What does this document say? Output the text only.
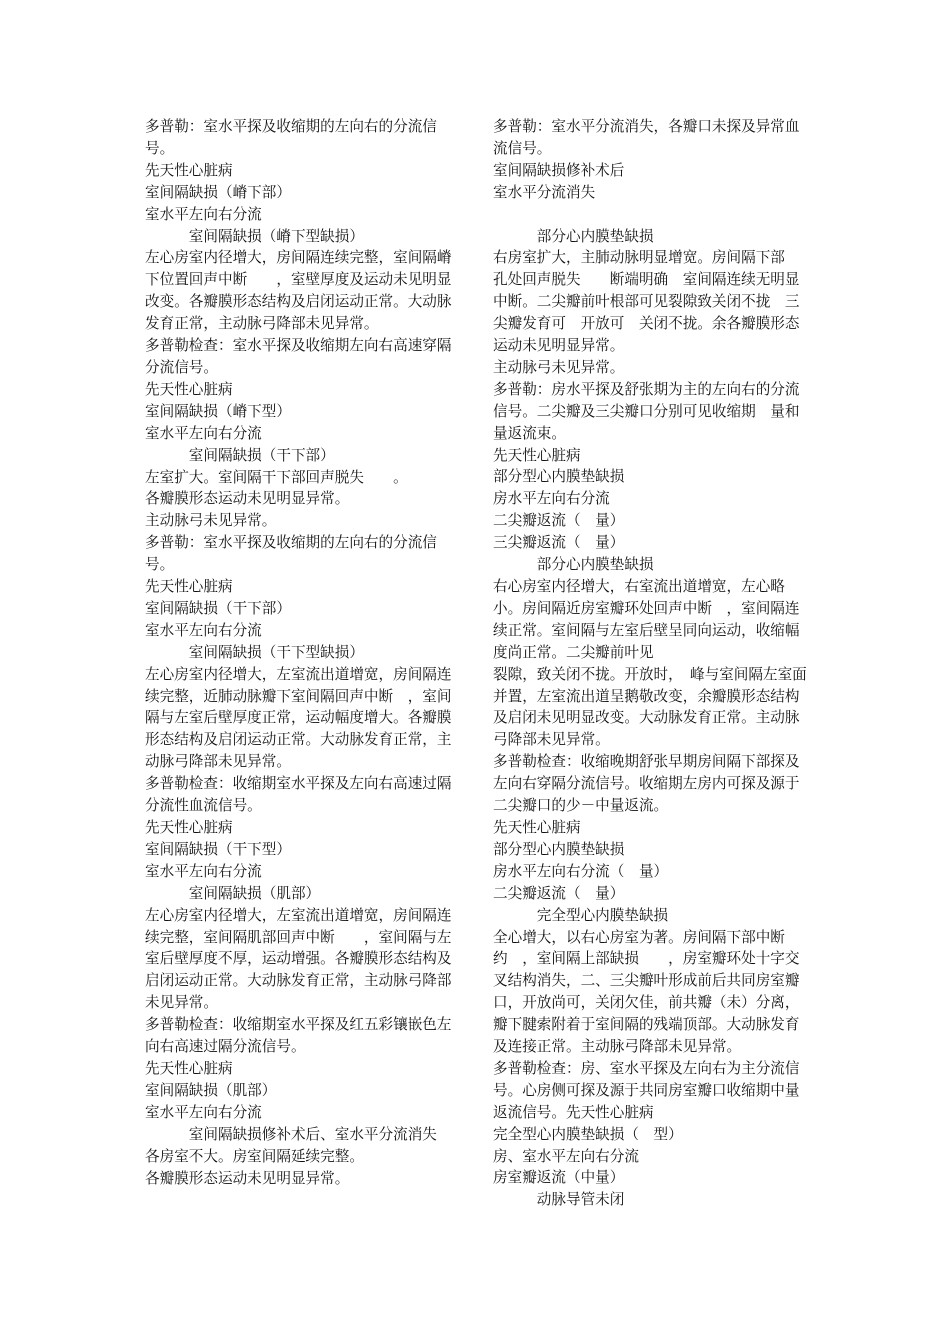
多普勒：室水平探及收缩期的左向右的分流信号。
先天性心脏病
室间隔缺损（嵴下部）
室水平左向右分流
室间隔缺损（嵴下型缺损）
左心房室内径增大，房间隔连续完整，室间隔嵴下位置回声中断　　，室壁厚度及运动未见明显改变。各瓣膜形态结构及启闭运动正常。大动脉发育正常，主动脉弓降部未见异常。
多普勒检查：室水平探及收缩期左向右高速穿隔分流信号。
先天性心脏病
室间隔缺损（嵴下型）
室水平左向右分流
室间隔缺损（干下部）
左室扩大。室间隔干下部回声脱失　　。
各瓣膜形态运动未见明显异常。
主动脉弓未见异常。
多普勒：室水平探及收缩期的左向右的分流信号。
先天性心脏病
室间隔缺损（干下部）
室水平左向右分流
室间隔缺损（干下型缺损）
左心房室内径增大，左室流出道增宽，房间隔连续完整，近肺动脉瓣下室间隔回声中断　，室间隔与左室后壁厚度正常，运动幅度增大。各瓣膜形态结构及启闭运动正常。大动脉发育正常，主动脉弓降部未见异常。
多普勒检查：收缩期室水平探及左向右高速过隔分流性血流信号。
先天性心脏病
室间隔缺损（干下型）
室水平左向右分流
室间隔缺损（肌部）
左心房室内径增大，左室流出道增宽，房间隔连续完整，室间隔肌部回声中断　　，室间隔与左室后壁厚度不厚，运动增强。各瓣膜形态结构及启闭运动正常。大动脉发育正常，主动脉弓降部未见异常。
多普勒检查：收缩期室水平探及红五彩镶嵌色左向右高速过隔分流信号。
先天性心脏病
室间隔缺损（肌部）
室水平左向右分流
室间隔缺损修补术后、室水平分流消失
各房室不大。房室间隔延续完整。
各瓣膜形态运动未见明显异常。
多普勒：室水平分流消失，各瓣口未探及异常血流信号。
室间隔缺损修补术后
室水平分流消失
部分心内膜垫缺损
右房室扩大，主肺动脉明显增宽。房间隔下部　孔处回声脱失　　断端明确　室间隔连续无明显中断。二尖瓣前叶根部可见裂隙致关闭不拢　三尖瓣发育可　开放可　关闭不拢。余各瓣膜形态运动未见明显异常。
主动脉弓未见异常。
多普勒：房水平探及舒张期为主的左向右的分流信号。二尖瓣及三尖瓣口分别可见收缩期　量和　量返流束。
先天性心脏病
部分型心内膜垫缺损
房水平左向右分流
二尖瓣返流（　量）
三尖瓣返流（　量）
部分心内膜垫缺损
右心房室内径增大，右室流出道增宽，左心略小。房间隔近房室瓣环处回声中断　，室间隔连续正常。室间隔与左室后壁呈同向运动，收缩幅度尚正常。二尖瓣前叶见
裂隙，致关闭不拢。开放时，　峰与室间隔左室面并置，左室流出道呈鹅敬改变，余瓣膜形态结构及启闭未见明显改变。大动脉发育正常。主动脉弓降部未见异常。
多普勒检查：收缩晚期舒张早期房间隔下部探及左向右穿隔分流信号。收缩期左房内可探及源于二尖瓣口的少－中量返流。
先天性心脏病
部分型心内膜垫缺损
房水平左向右分流（　量）
二尖瓣返流（　量）
完全型心内膜垫缺损
全心增大，以右心房室为著。房间隔下部中断约　，室间隔上部缺损　　，房室瓣环处十字交叉结构消失，二、三尖瓣叶形成前后共同房室瓣口，开放尚可，关闭欠佳，前共瓣（未）分离，瓣下腱索附着于室间隔的残端顶部。大动脉发育及连接正常。主动脉弓降部未见异常。
多普勒检查：房、室水平探及左向右为主分流信号。心房侧可探及源于共同房室瓣口收缩期中量返流信号。先天性心脏病
完全型心内膜垫缺损（　型）
房、室水平左向右分流
房室瓣返流（中量）
动脉导管未闭
